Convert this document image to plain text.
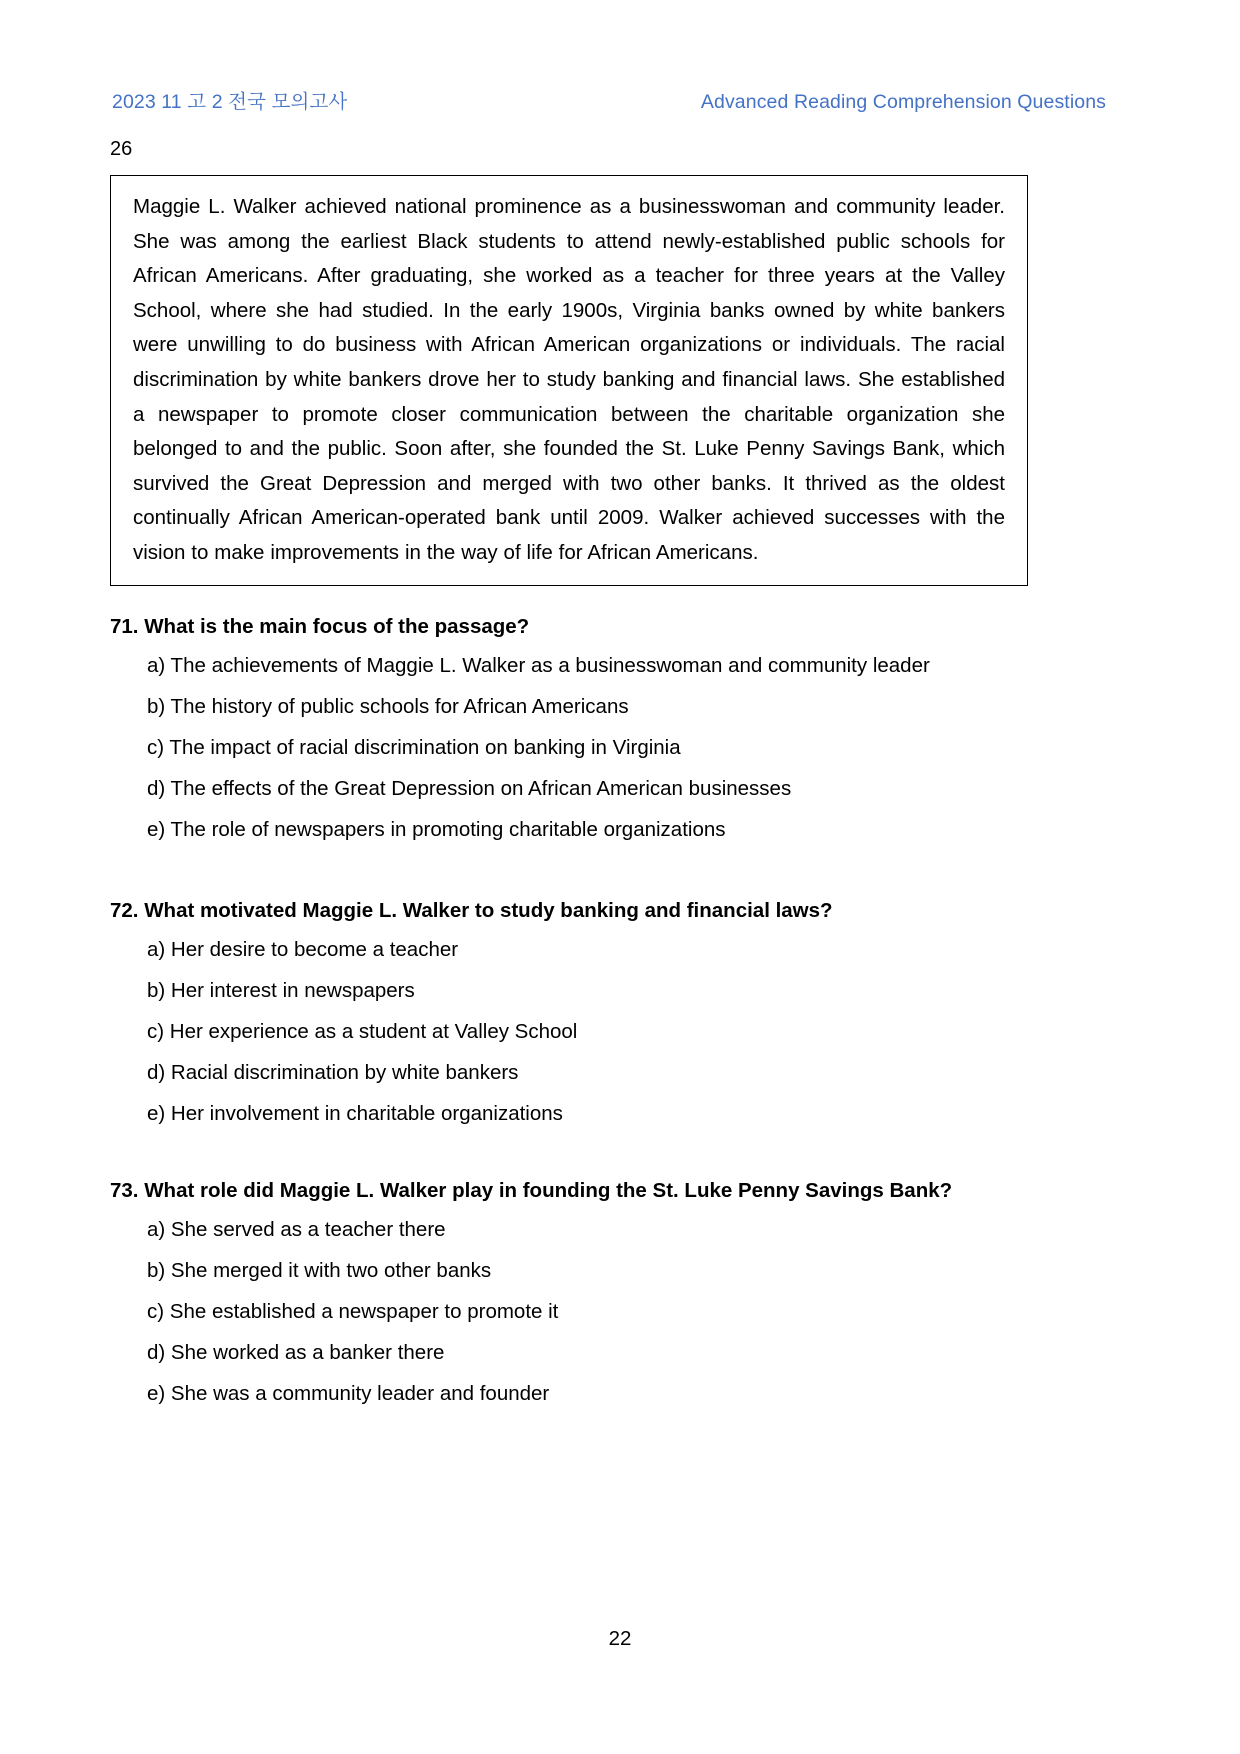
2023 11 고 2 전국 모의고사	Advanced Reading Comprehension Questions
26

Maggie L. Walker achieved national prominence as a businesswoman and community leader. She was among the earliest Black students to attend newly-established public schools for African Americans. After graduating, she worked as a teacher for three years at the Valley School, where she had studied. In the early 1900s, Virginia banks owned by white bankers were unwilling to do business with African American organizations or individuals. The racial discrimination by white bankers drove her to study banking and financial laws. She established a newspaper to promote closer communication between the charitable organization she belonged to and the public. Soon after, she founded the St. Luke Penny Savings Bank, which survived the Great Depression and merged with two other banks. It thrived as the oldest continually African American-operated bank until 2009. Walker achieved successes with the vision to make improvements in the way of life for African Americans.

71. What is the main focus of the passage?

a) The achievements of Maggie L. Walker as a businesswoman and community leader
b) The history of public schools for African Americans
c) The impact of racial discrimination on banking in Virginia
d) The effects of the Great Depression on African American businesses
e) The role of newspapers in promoting charitable organizations

72. What motivated Maggie L. Walker to study banking and financial laws?

a) Her desire to become a teacher
b) Her interest in newspapers
c) Her experience as a student at Valley School
d) Racial discrimination by white bankers
e) Her involvement in charitable organizations

73. What role did Maggie L. Walker play in founding the St. Luke Penny Savings Bank?

a) She served as a teacher there
b) She merged it with two other banks
c) She established a newspaper to promote it
d) She worked as a banker there
e) She was a community leader and founder
22
